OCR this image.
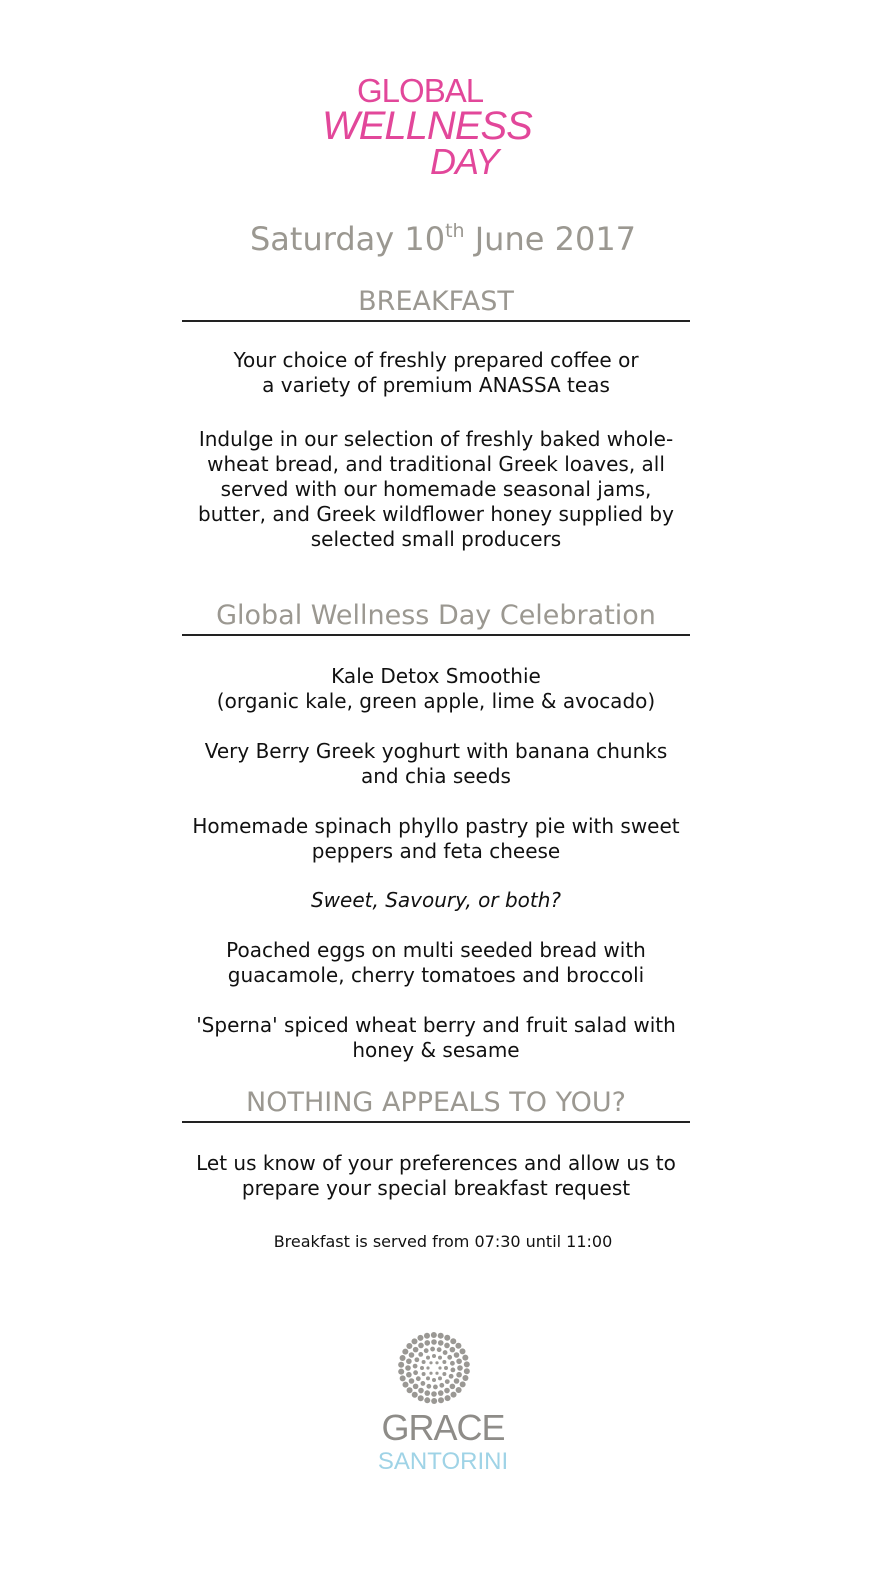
GLOBAL
WELLNESS
DAY
Saturday 10th June 2017
BREAKFAST
Your choice of freshly prepared coffee or
a variety of premium ANASSA teas
Indulge in our selection of freshly baked whole-
wheat bread, and traditional Greek loaves, all
served with our homemade seasonal jams,
butter, and Greek wildflower honey supplied by
selected small producers
Global Wellness Day Celebration
Kale Detox Smoothie
(organic kale, green apple, lime & avocado)
Very Berry Greek yoghurt with banana chunks
and chia seeds
Homemade spinach phyllo pastry pie with sweet
peppers and feta cheese
Sweet, Savoury, or both?
Poached eggs on multi seeded bread with
guacamole, cherry tomatoes and broccoli
'Sperna' spiced wheat berry and fruit salad with
honey & sesame
NOTHING APPEALS TO YOU?
Let us know of your preferences and allow us to
prepare your special breakfast request
Breakfast is served from 07:30 until 11:00
GRACE
SANTORINI
